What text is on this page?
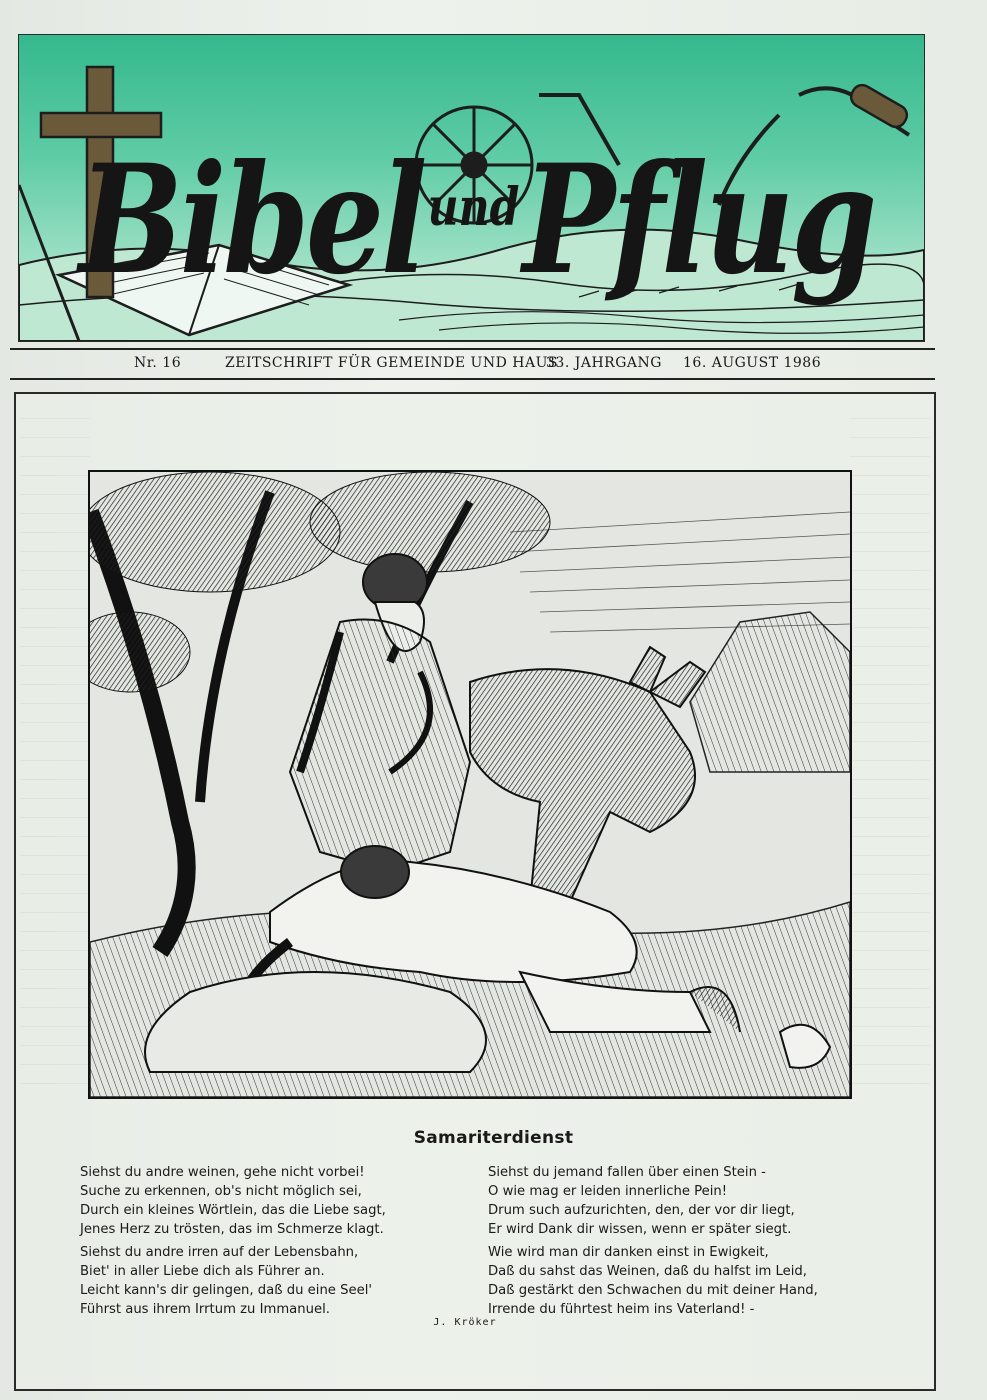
Bibel$^{und}$Pflug
Nr. 16	ZEITSCHRIFT FÜR GEMEINDE UND HAUS
33. JAHRGANG 16. AUGUST 1986
Samariterdienst
Siehst du andre weinen, gehe nicht vorbei!
Suche zu erkennen, ob's nicht möglich sei,
Durch ein kleines Wörtlein, das die Liebe sagt,
Jenes Herz zu trösten, das im Schmerze klagt.
Siehst du andre irren auf der Lebensbahn,
Biet' in aller Liebe dich als Führer an.
Leicht kann's dir gelingen, daß du eine Seel'
Führst aus ihrem Irrtum zu Immanuel.
Siehst du jemand fallen über einen Stein -
O wie mag er leiden innerliche Pein!
Drum such aufzurichten, den, der vor dir liegt,
Er wird Dank dir wissen, wenn er später siegt.
Wie wird man dir danken einst in Ewigkeit,
Daß du sahst das Weinen, daß du halfst im Leid,
Daß gestärkt den Schwachen du mit deiner Hand,
Irrende du führtest heim ins Vaterland! -
J. Kröker
